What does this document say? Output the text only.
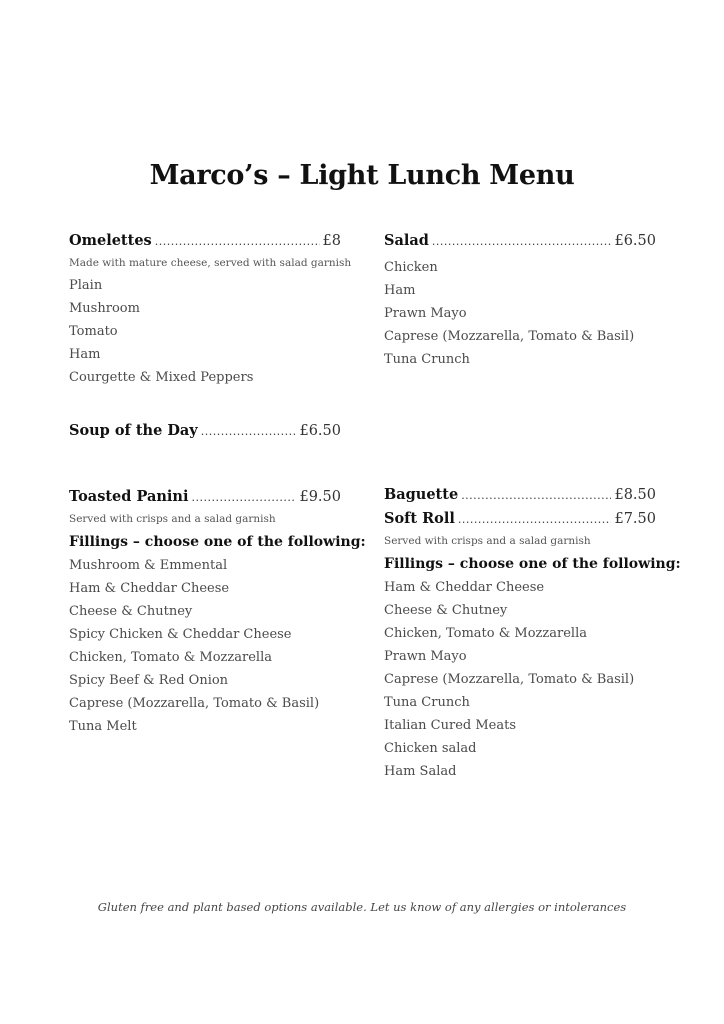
Marco’s – Light Lunch Menu
Omelettes .....	£8
Made with mature cheese, served with salad garnish
Plain
Mushroom
Tomato
Ham
Courgette & Mixed Peppers
Salad .....	£6.50
Chicken
Ham
Prawn Mayo
Caprese (Mozzarella, Tomato & Basil)
Tuna Crunch
Soup of the Day .....	£6.50
Toasted Panini .....	£9.50
Served with crisps and a salad garnish
Fillings – choose one of the following:
Mushroom & Emmental
Ham & Cheddar Cheese
Cheese & Chutney
Spicy Chicken & Cheddar Cheese
Chicken, Tomato & Mozzarella
Spicy Beef & Red Onion
Caprese (Mozzarella, Tomato & Basil)
Tuna Melt
Baguette .....	£8.50
Soft Roll .....	£7.50
Served with crisps and a salad garnish
Fillings – choose one of the following:
Ham & Cheddar Cheese
Cheese & Chutney
Chicken, Tomato & Mozzarella
Prawn Mayo
Caprese (Mozzarella, Tomato & Basil)
Tuna Crunch
Italian Cured Meats
Chicken salad
Ham Salad
Gluten free and plant based options available. Let us know of any allergies or intolerances
